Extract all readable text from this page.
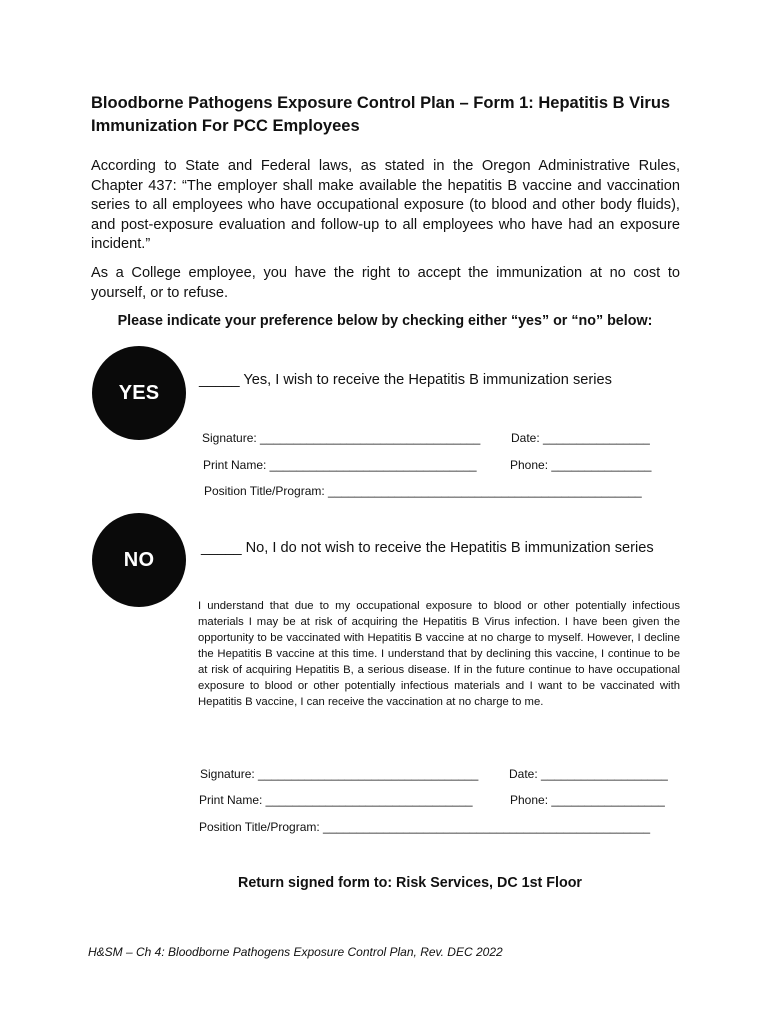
Bloodborne Pathogens Exposure Control Plan – Form 1: Hepatitis B Virus Immunization For PCC Employees
According to State and Federal laws, as stated in the Oregon Administrative Rules, Chapter 437: “The employer shall make available the hepatitis B vaccine and vaccination series to all employees who have occupational exposure (to blood and other body fluids), and post-exposure evaluation and follow-up to all employees who have had an exposure incident.”
As a College employee, you have the right to accept the immunization at no cost to yourself, or to refuse.
Please indicate your preference below by checking either “yes” or “no” below:
YES
_____ Yes, I wish to receive the Hepatitis B immunization series
Signature: _________________________________	Date: ________________
Print Name: _______________________________	Phone: _______________
Position Title/Program: _______________________________________________
NO
_____ No, I do not wish to receive the Hepatitis B immunization series
I understand that due to my occupational exposure to blood or other potentially infectious materials I may be at risk of acquiring the Hepatitis B Virus infection. I have been given the opportunity to be vaccinated with Hepatitis B vaccine at no charge to myself. However, I decline the Hepatitis B vaccine at this time. I understand that by declining this vaccine, I continue to be at risk of acquiring Hepatitis B, a serious disease. If in the future continue to have occupational exposure to blood or other potentially infectious materials and I want to be vaccinated with Hepatitis B vaccine, I can receive the vaccination at no charge to me.
Signature: _________________________________	Date: ___________________
Print Name: _______________________________	Phone: _________________
Position Title/Program: _________________________________________________
Return signed form to: Risk Services, DC 1st Floor
H&SM – Ch 4: Bloodborne Pathogens Exposure Control Plan, Rev. DEC 2022
